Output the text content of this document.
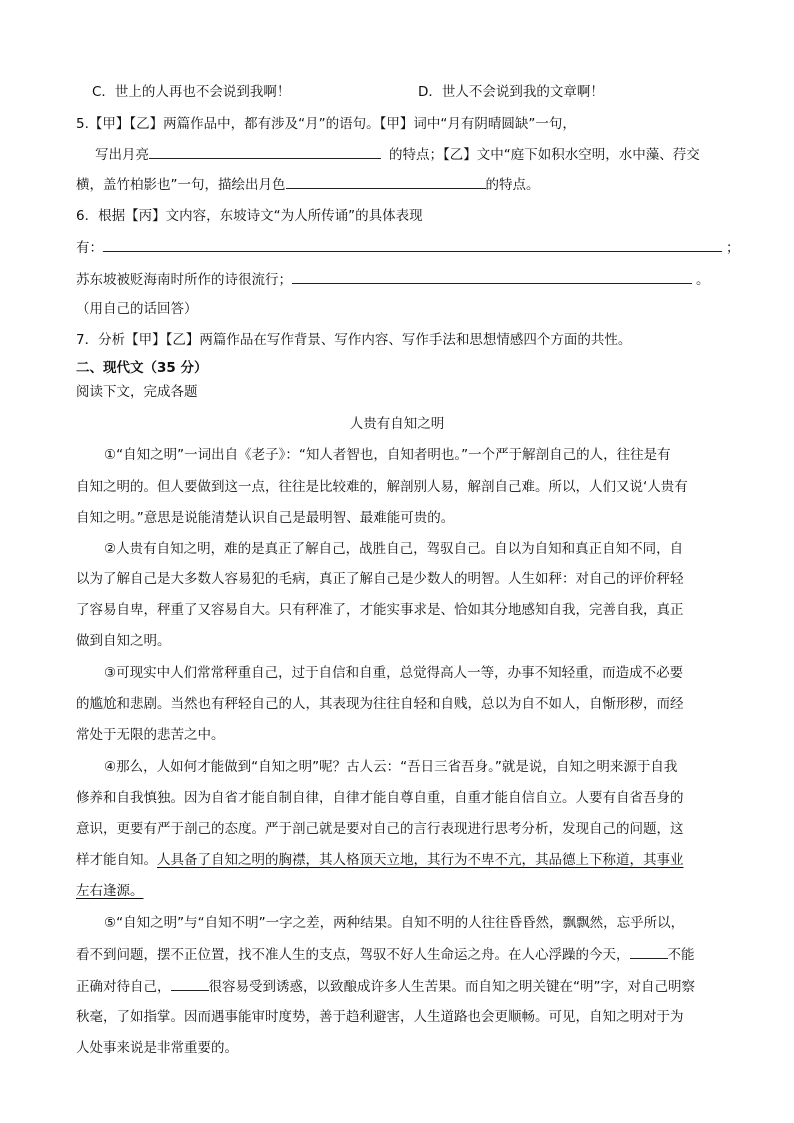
C．世上的人再也不会说到我啊！	D．世人不会说到我的文章啊！
5.【甲】【乙】两篇作品中，都有涉及“月”的语句。【甲】词中“月有阴晴圆缺”一句，
写出月亮	的特点；【乙】文中“庭下如积水空明，水中藻、荇交
横，盖竹柏影也”一句，描绘出月色	的特点。
6．根据【丙】文内容，东坡诗文“为人所传诵”的具体表现
有：	；
苏东坡被贬海南时所作的诗很流行；	。
（用自己的话回答）
7．分析【甲】【乙】两篇作品在写作背景、写作内容、写作手法和思想情感四个方面的共性。
二、现代文（35 分）
阅读下文，完成各题
人贵有自知之明
①“自知之明”一词出自《老子》：“知人者智也，自知者明也。”一个严于解剖自己的人，往往是有
自知之明的。但人要做到这一点，往往是比较难的，解剖别人易，解剖自己难。所以，人们又说‘人贵有
自知之明。”意思是说能清楚认识自己是最明智、最难能可贵的。
②人贵有自知之明，难的是真正了解自己，战胜自己，驾驭自己。自以为自知和真正自知不同，自
以为了解自己是大多数人容易犯的毛病，真正了解自己是少数人的明智。人生如秤：对自己的评价秤轻
了容易自卑，秤重了又容易自大。只有秤准了，才能实事求是、恰如其分地感知自我，完善自我，真正
做到自知之明。
③可现实中人们常常秤重自己，过于自信和自重，总觉得高人一等，办事不知轻重，而造成不必要
的尴尬和悲剧。当然也有秤轻自己的人，其表现为往往自轻和自贱，总以为自不如人，自惭形秽，而经
常处于无限的悲苦之中。
④那么，人如何才能做到“自知之明”呢？古人云：“吾日三省吾身。”就是说，自知之明来源于自我
修养和自我慎独。因为自省才能自制自律，自律才能自尊自重，自重才能自信自立。人要有自省吾身的
意识，更要有严于剖己的态度。严于剖己就是要对自己的言行表现进行思考分析，发现自己的问题，这
样才能自知。人具备了自知之明的胸襟，其人格顶天立地，其行为不卑不亢，其品德上下称道，其事业
左右逢源。
⑤“自知之明”与“自知不明”一字之差，两种结果。自知不明的人往往昏昏然，飘飘然，忘乎所以，
看不到问题，摆不正位置，找不准人生的支点，驾驭不好人生命运之舟。在人心浮躁的今天，	不能
正确对待自己，	很容易受到诱惑，以致酿成许多人生苦果。而自知之明关键在“明”字，对自己明察
秋毫，了如指掌。因而遇事能审时度势，善于趋利避害，人生道路也会更顺畅。可见，自知之明对于为
人处事来说是非常重要的。
